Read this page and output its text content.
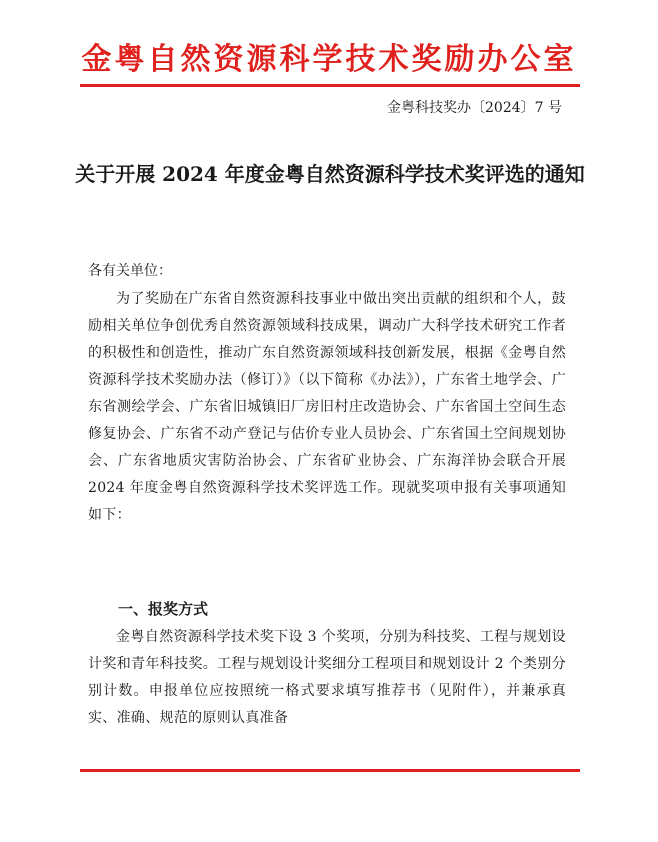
金粤自然资源科学技术奖励办公室
金粤科技奖办〔2024〕7 号
关于开展 2024 年度金粤自然资源科学技术奖评选的通知
各有关单位：
为了奖励在广东省自然资源科技事业中做出突出贡献的组织和个人，鼓励相关单位争创优秀自然资源领域科技成果，调动广大科学技术研究工作者的积极性和创造性，推动广东自然资源领域科技创新发展，根据《金粤自然资源科学技术奖励办法（修订）》（以下简称《办法》），广东省土地学会、广东省测绘学会、广东省旧城镇旧厂房旧村庄改造协会、广东省国土空间生态修复协会、广东省不动产登记与估价专业人员协会、广东省国土空间规划协会、广东省地质灾害防治协会、广东省矿业协会、广东海洋协会联合开展 2024 年度金粤自然资源科学技术奖评选工作。现就奖项申报有关事项通知如下：
一、报奖方式
金粤自然资源科学技术奖下设 3 个奖项，分别为科技奖、工程与规划设计奖和青年科技奖。工程与规划设计奖细分工程项目和规划设计 2 个类别分别计数。申报单位应按照统一格式要求填写推荐书（见附件），并兼承真实、准确、规范的原则认真准备
